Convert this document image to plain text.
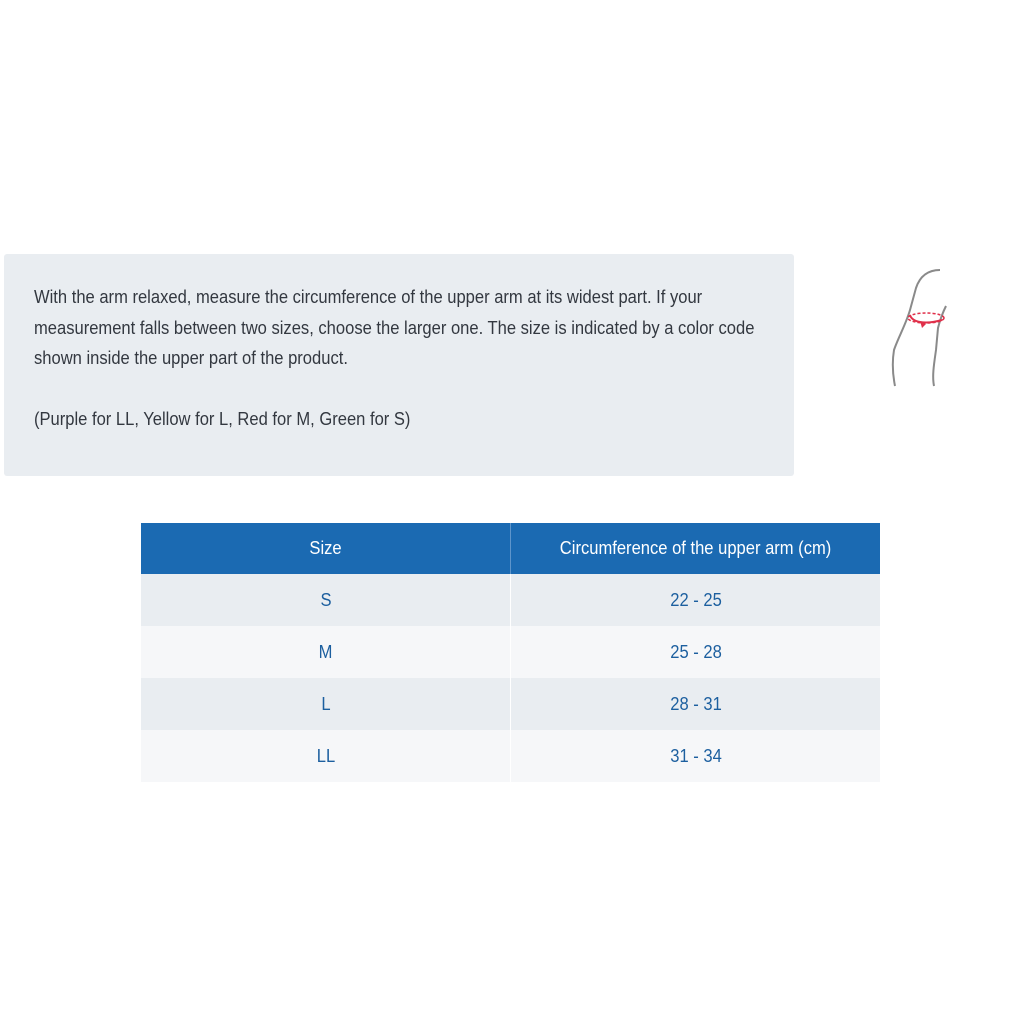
With the arm relaxed, measure the circumference of the upper arm at its widest part. If your measurement falls between two sizes, choose the larger one. The size is indicated by a color code shown inside the upper part of the product.

(Purple for LL, Yellow for L, Red for M, Green for S)

Size	Circumference of the upper arm (cm)
S	22 - 25
M	25 - 28
L	28 - 31
LL	31 - 34
